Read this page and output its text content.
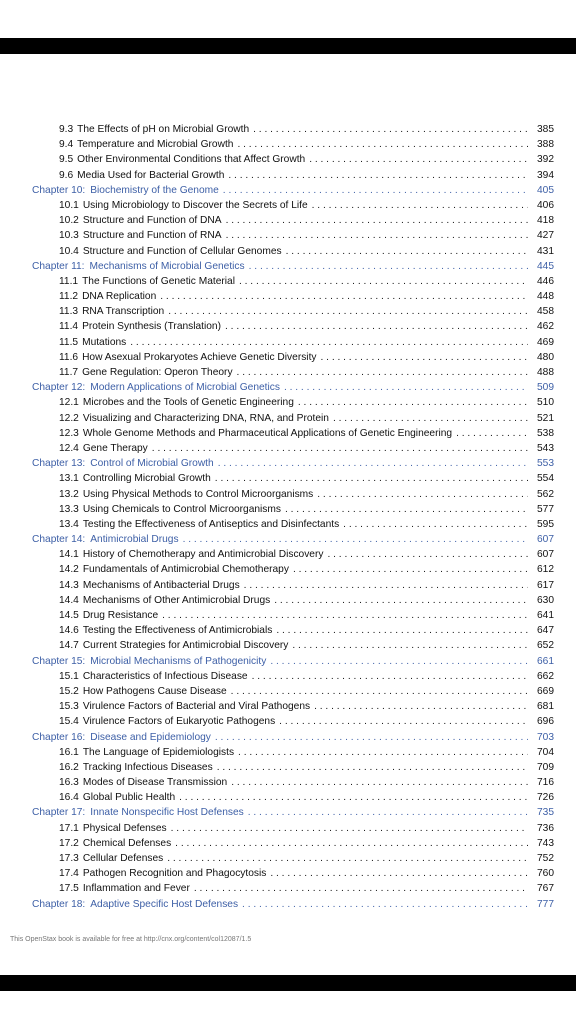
9.3 The Effects of pH on Microbial Growth . . .	385
9.4 Temperature and Microbial Growth . . .	388
9.5 Other Environmental Conditions that Affect Growth . . .	392
9.6 Media Used for Bacterial Growth . . .	394
Chapter 10: Biochemistry of the Genome . . .	405
10.1 Using Microbiology to Discover the Secrets of Life . . .	406
10.2 Structure and Function of DNA . . .	418
10.3 Structure and Function of RNA . . .	427
10.4 Structure and Function of Cellular Genomes . . .	431
Chapter 11: Mechanisms of Microbial Genetics . . .	445
11.1 The Functions of Genetic Material . . .	446
11.2 DNA Replication . . .	448
11.3 RNA Transcription . . .	458
11.4 Protein Synthesis (Translation) . . .	462
11.5 Mutations . . .	469
11.6 How Asexual Prokaryotes Achieve Genetic Diversity . . .	480
11.7 Gene Regulation: Operon Theory . . .	488
Chapter 12: Modern Applications of Microbial Genetics . . .	509
12.1 Microbes and the Tools of Genetic Engineering . . .	510
12.2 Visualizing and Characterizing DNA, RNA, and Protein . . .	521
12.3 Whole Genome Methods and Pharmaceutical Applications of Genetic Engineering . . .	538
12.4 Gene Therapy . . .	543
Chapter 13: Control of Microbial Growth . . .	553
13.1 Controlling Microbial Growth . . .	554
13.2 Using Physical Methods to Control Microorganisms . . .	562
13.3 Using Chemicals to Control Microorganisms . . .	577
13.4 Testing the Effectiveness of Antiseptics and Disinfectants . . .	595
Chapter 14: Antimicrobial Drugs . . .	607
14.1 History of Chemotherapy and Antimicrobial Discovery . . .	607
14.2 Fundamentals of Antimicrobial Chemotherapy . . .	612
14.3 Mechanisms of Antibacterial Drugs . . .	617
14.4 Mechanisms of Other Antimicrobial Drugs . . .	630
14.5 Drug Resistance . . .	641
14.6 Testing the Effectiveness of Antimicrobials . . .	647
14.7 Current Strategies for Antimicrobial Discovery . . .	652
Chapter 15: Microbial Mechanisms of Pathogenicity . . .	661
15.1 Characteristics of Infectious Disease . . .	662
15.2 How Pathogens Cause Disease . . .	669
15.3 Virulence Factors of Bacterial and Viral Pathogens . . .	681
15.4 Virulence Factors of Eukaryotic Pathogens . . .	696
Chapter 16: Disease and Epidemiology . . .	703
16.1 The Language of Epidemiologists . . .	704
16.2 Tracking Infectious Diseases . . .	709
16.3 Modes of Disease Transmission . . .	716
16.4 Global Public Health . . .	726
Chapter 17: Innate Nonspecific Host Defenses . . .	735
17.1 Physical Defenses . . .	736
17.2 Chemical Defenses . . .	743
17.3 Cellular Defenses . . .	752
17.4 Pathogen Recognition and Phagocytosis . . .	760
17.5 Inflammation and Fever . . .	767
Chapter 18: Adaptive Specific Host Defenses . . .	777
This OpenStax book is available for free at http://cnx.org/content/col12087/1.5
